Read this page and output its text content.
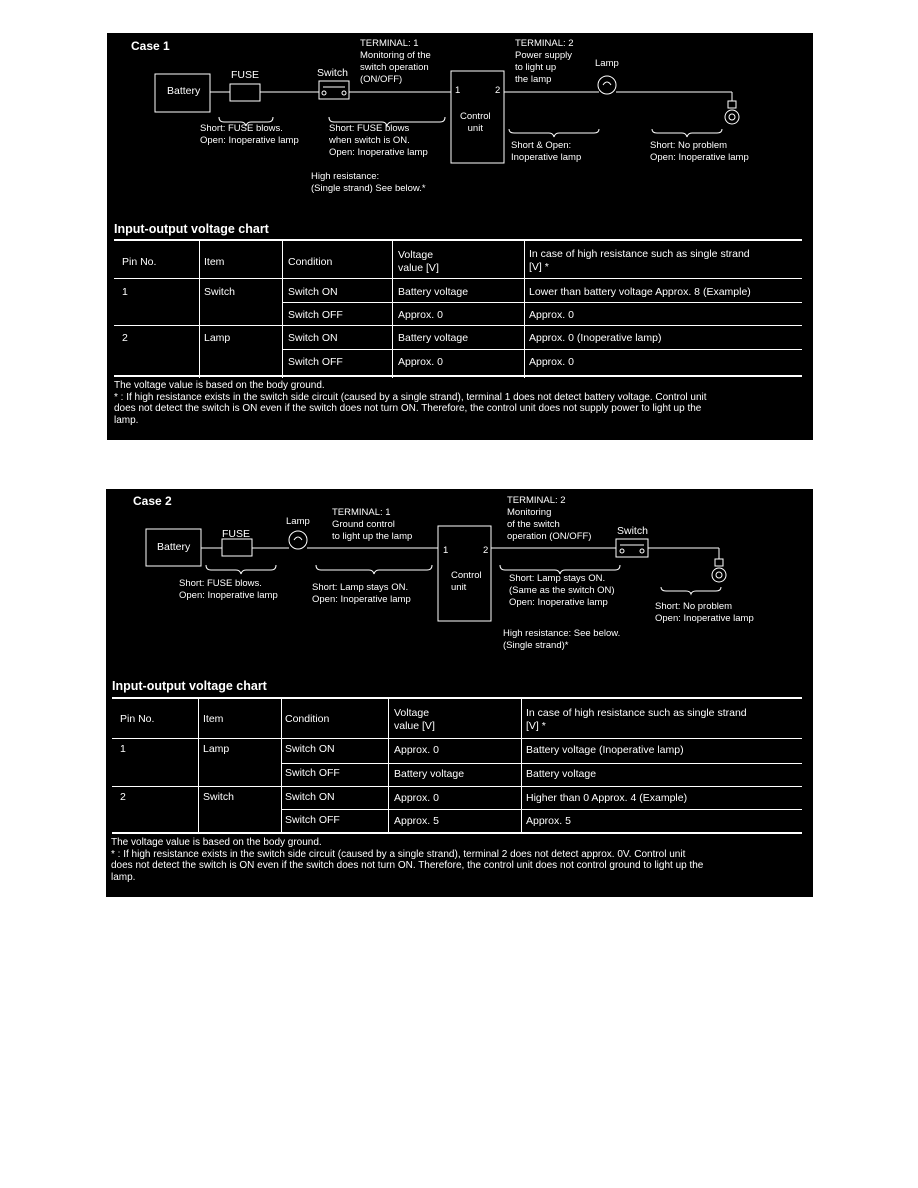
Case 1
Battery
FUSE	Switch
Lamp
1	2
Control
unit
TERMINAL: 1
Monitoring of the
switch operation
(ON/OFF)
TERMINAL: 2
Power supply
to light up
the lamp
Short: FUSE blows.
Open: Inoperative lamp
Short: FUSE blows
when switch is ON.
Open: Inoperative lamp
High resistance:
(Single strand) See below.*
Short & Open:
Inoperative lamp
Short: No problem
Open: Inoperative lamp
Input-output voltage chart
Pin No.	Item	Condition
Voltage
value [V]
In case of high resistance such as single strand
[V] *
1	Switch	Switch ON	Battery voltage	Lower than battery voltage Approx. 8 (Example)
Switch OFF	Approx. 0	Approx. 0
2	Lamp	Switch ON	Battery voltage	Approx. 0 (Inoperative lamp)
Switch OFF	Approx. 0	Approx. 0
The voltage value is based on the body ground.
* : If high resistance exists in the switch side circuit (caused by a single strand), terminal 1 does not detect battery voltage. Control unit
does not detect the switch is ON even if the switch does not turn ON. Therefore, the control unit does not supply power to light up the
lamp.
Case 2
Battery
FUSE
Lamp
Switch
1	2
Control
unit
TERMINAL: 1
Ground control
to light up the lamp
TERMINAL: 2
Monitoring
of the switch
operation (ON/OFF)
Short: FUSE blows.
Open: Inoperative lamp
Short: Lamp stays ON.
Open: Inoperative lamp
Short: Lamp stays ON.
(Same as the switch ON)
Open: Inoperative lamp
High resistance: See below.
(Single strand)*
Short: No problem
Open: Inoperative lamp
Input-output voltage chart
Pin No.	Item	Condition	Voltage
value [V]
In case of high resistance such as single strand
[V] *
1	Lamp	Switch ON	Approx. 0	Battery voltage (Inoperative lamp)
Switch OFF	Battery voltage	Battery voltage
2	Switch	Switch ON	Approx. 0	Higher than 0 Approx. 4 (Example)
Switch OFF	Approx. 5	Approx. 5
The voltage value is based on the body ground.
* : If high resistance exists in the switch side circuit (caused by a single strand), terminal 2 does not detect approx. 0V. Control unit
does not detect the switch is ON even if the switch does not turn ON. Therefore, the control unit does not control ground to light up the
lamp.
